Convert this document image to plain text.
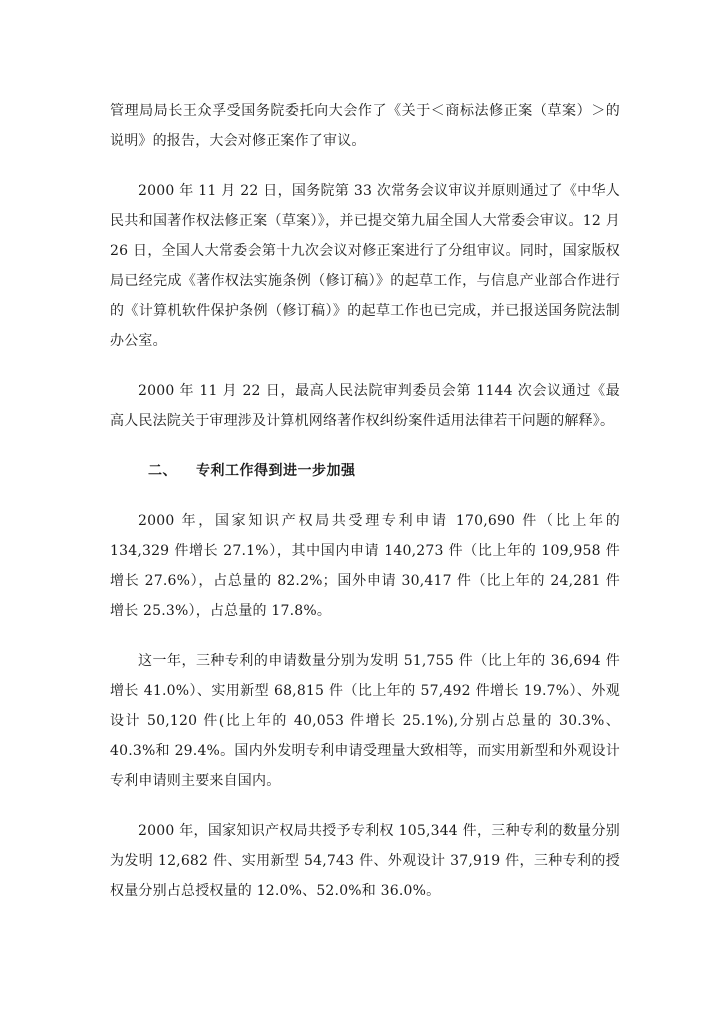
管理局局长王众孚受国务院委托向大会作了《关于＜商标法修正案（草案）＞的说明》的报告，大会对修正案作了审议。

2000 年 11 月 22 日，国务院第 33 次常务会议审议并原则通过了《中华人民共和国著作权法修正案（草案）》，并已提交第九届全国人大常委会审议。12 月 26 日，全国人大常委会第十九次会议对修正案进行了分组审议。同时，国家版权局已经完成《著作权法实施条例（修订稿）》的起草工作，与信息产业部合作进行的《计算机软件保护条例（修订稿）》的起草工作也已完成，并已报送国务院法制办公室。

2000 年 11 月 22 日，最高人民法院审判委员会第 1144 次会议通过《最高人民法院关于审理涉及计算机网络著作权纠纷案件适用法律若干问题的解释》。

二、 专利工作得到进一步加强

2000 年，国家知识产权局共受理专利申请 170,690 件（比上年的 134,329 件增长 27.1%），其中国内申请 140,273 件（比上年的 109,958 件增长 27.6%），占总量的 82.2%；国外申请 30,417 件（比上年的 24,281 件增长 25.3%），占总量的 17.8%。

这一年，三种专利的申请数量分别为发明 51,755 件（比上年的 36,694 件增长 41.0%）、实用新型 68,815 件（比上年的 57,492 件增长 19.7%）、外观设计 50,120 件(比上年的 40,053 件增长 25.1%),分别占总量的 30.3%、40.3%和 29.4%。国内外发明专利申请受理量大致相等，而实用新型和外观设计专利申请则主要来自国内。

2000 年，国家知识产权局共授予专利权 105,344 件，三种专利的数量分别为发明 12,682 件、实用新型 54,743 件、外观设计 37,919 件，三种专利的授权量分别占总授权量的 12.0%、52.0%和 36.0%。
